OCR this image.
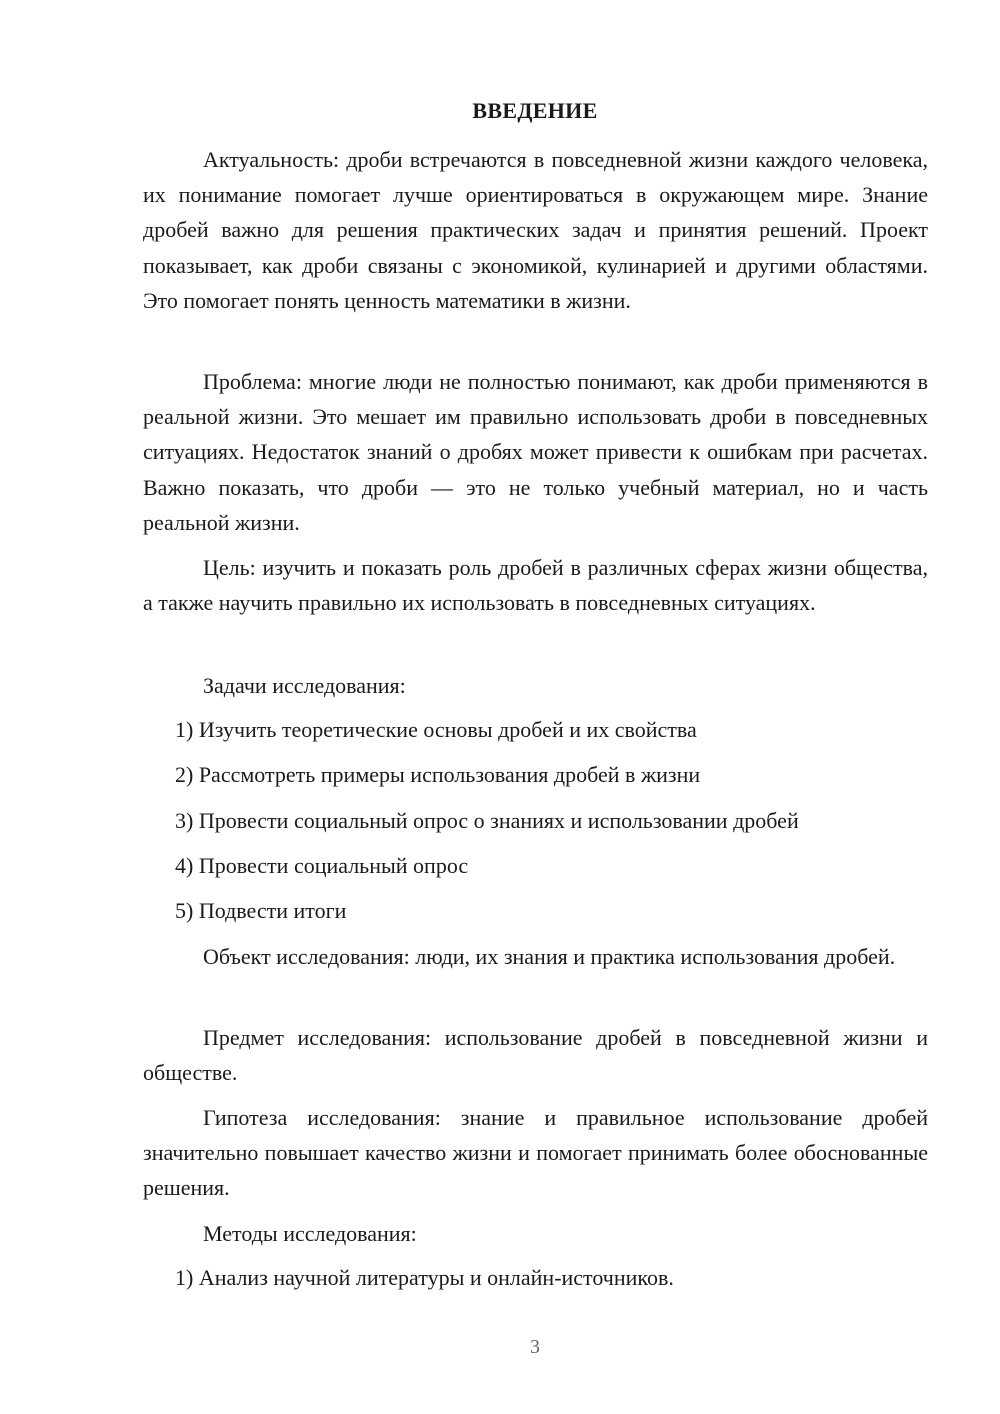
ВВЕДЕНИЕ

Актуальность: дроби встречаются в повседневной жизни каждого человека, их понимание помогает лучше ориентироваться в окружающем мире. Знание дробей важно для решения практических задач и принятия решений. Проект показывает, как дроби связаны с экономикой, кулинарией и другими областями. Это помогает понять ценность математики в жизни.

Проблема: многие люди не полностью понимают, как дроби применяются в реальной жизни. Это мешает им правильно использовать дроби в повседневных ситуациях. Недостаток знаний о дробях может привести к ошибкам при расчетах. Важно показать, что дроби — это не только учебный материал, но и часть реальной жизни.

Цель: изучить и показать роль дробей в различных сферах жизни общества, а также научить правильно их использовать в повседневных ситуациях.

Задачи исследования:

1) Изучить теоретические основы дробей и их свойства
2) Рассмотреть примеры использования дробей в жизни
3) Провести социальный опрос о знаниях и использовании дробей
4) Провести социальный опрос
5) Подвести итоги

Объект исследования: люди, их знания и практика использования дробей.

Предмет исследования: использование дробей в повседневной жизни и обществе.

Гипотеза исследования: знание и правильное использование дробей значительно повышает качество жизни и помогает принимать более обоснованные решения.

Методы исследования:

1) Анализ научной литературы и онлайн-источников.
3
